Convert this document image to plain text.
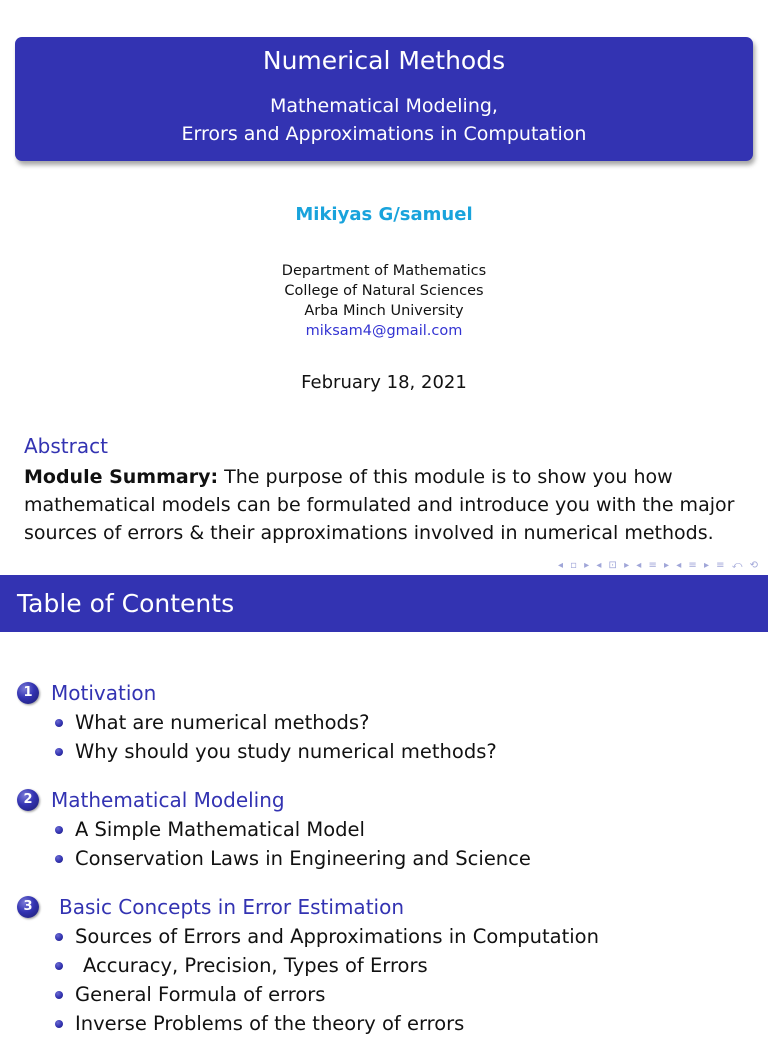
Numerical Methods
Mathematical Modeling,
Errors and Approximations in Computation
Mikiyas G/samuel
Department of Mathematics
College of Natural Sciences
Arba Minch University
miksam4@gmail.com
February 18, 2021
Abstract
Module Summary: The purpose of this module is to show you how mathematical models can be formulated and introduce you with the major sources of errors & their approximations involved in numerical methods.
◂ ▫ ▸ ◂ ⊡ ▸ ◂ ≡ ▸ ◂ ≡ ▸ ≡ ⤺ ⟲
Table of Contents
1 Motivation
What are numerical methods?
Why should you study numerical methods?
2 Mathematical Modeling
A Simple Mathematical Model
Conservation Laws in Engineering and Science
3	Basic Concepts in Error Estimation
Sources of Errors and Approximations in Computation
Accuracy, Precision, Types of Errors
General Formula of errors
Inverse Problems of the theory of errors
